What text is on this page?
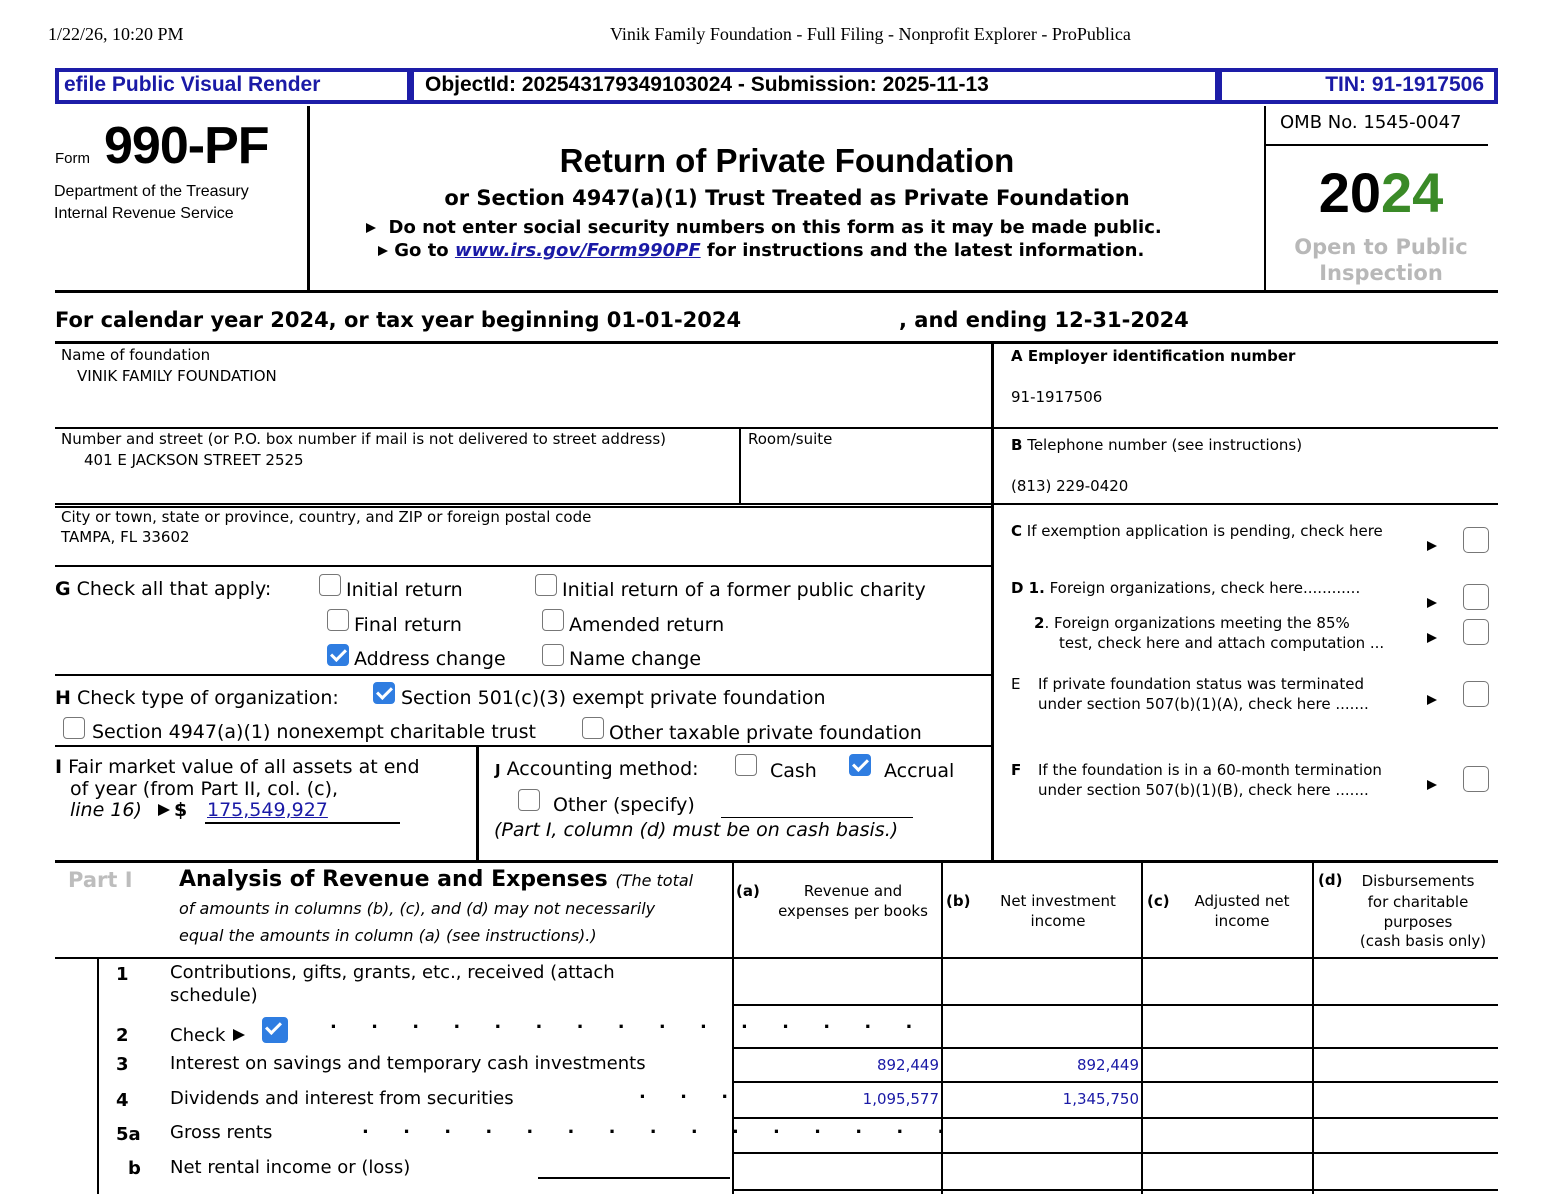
1/22/26, 10:20 PM	Vinik Family Foundation - Full Filing - Nonprofit Explorer - ProPublica
efile Public Visual Render	ObjectId: 202543179349103024 - Submission: 2025-11-13	TIN: 91-1917506
Form 990-PF
Department of the Treasury
Internal Revenue Service
Return of Private Foundation
or Section 4947(a)(1) Trust Treated as Private Foundation
Do not enter social security numbers on this form as it may be made public.
Go to www.irs.gov/Form990PF for instructions and the latest information.
OMB No. 1545-0047
2024
Open to Public
Inspection
For calendar year 2024, or tax year beginning 01-01-2024	, and ending 12-31-2024
Name of foundation
VINIK FAMILY FOUNDATION
A Employer identification number
91-1917506
Number and street (or P.O. box number if mail is not delivered to street address)
401 E JACKSON STREET 2525
Room/suite	B Telephone number (see instructions)
(813) 229-0420
City or town, state or province, country, and ZIP or foreign postal code
TAMPA, FL 33602	C If exemption application is pending, check here
D 1. Foreign organizations, check here............
2. Foreign organizations meeting the 85%
test, check here and attach computation ...
E If private foundation status was terminated
under section 507(b)(1)(A), check here .......
F If the foundation is in a 60-month termination
under section 507(b)(1)(B), check here .......
G Check all that apply:	Initial return	Initial return of a former public charity
Final return	Amended return
Address change	Name change
H Check type of organization:	Section 501(c)(3) exempt private foundation
Section 4947(a)(1) nonexempt charitable trust	Other taxable private foundation
I Fair market value of all assets at end
of year (from Part II, col. (c),
line 16) $ 175,549,927
J Accounting method:	Cash	Accrual
Other (specify)
(Part I, column (d) must be on cash basis.)
Part I Analysis of Revenue and Expenses (The total
of amounts in columns (b), (c), and (d) may not necessarily
equal the amounts in column (a) (see instructions).)
(a)	Revenue and expenses per books
(b)	Net investment income
(c)	Adjusted net income
(d)	Disbursements
for charitable
purposes
(cash basis only)
1 Contributions, gifts, grants, etc., received (attach
schedule)
2 Check
. . . . . . . . . . . . . . .
3 Interest on savings and temporary cash investments	892,449	892,449
4 Dividends and interest from securities	. . .	1,095,577	1,345,750
5a Gross rents	. . . . . . . . . . . . . . .
b Net rental income or (loss)
